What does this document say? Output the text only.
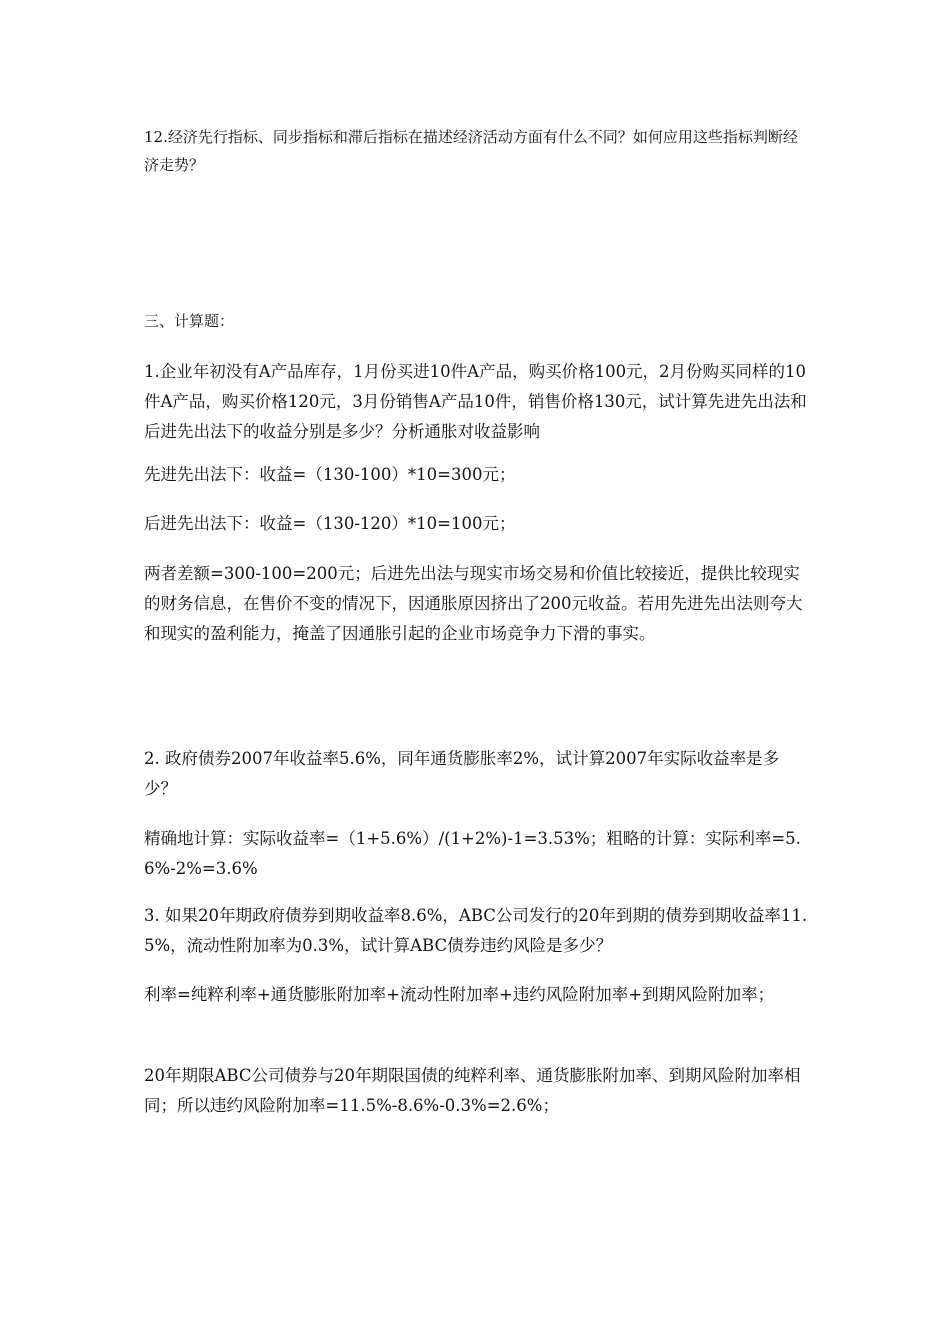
12.经济先行指标、同步指标和滞后指标在描述经济活动方面有什么不同？如何应用这些指标判断经济走势？

三、计算题：

1.企业年初没有A产品库存，1月份买进10件A产品，购买价格100元，2月份购买同样的10件A产品，购买价格120元，3月份销售A产品10件，销售价格130元，试计算先进先出法和后进先出法下的收益分别是多少？分析通胀对收益影响

先进先出法下：收益=（130-100）*10=300元；

后进先出法下：收益=（130-120）*10=100元；

两者差额=300-100=200元；后进先出法与现实市场交易和价值比较接近，提供比较现实的财务信息，在售价不变的情况下，因通胀原因挤出了200元收益。若用先进先出法则夸大和现实的盈利能力，掩盖了因通胀引起的企业市场竞争力下滑的事实。

2. 政府债券2007年收益率5.6%，同年通货膨胀率2%，试计算2007年实际收益率是多少？

精确地计算：实际收益率=（1+5.6%）/(1+2%)-1=3.53%；粗略的计算：实际利率=5.6%-2%=3.6%

3. 如果20年期政府债券到期收益率8.6%，ABC公司发行的20年到期的债券到期收益率11.5%，流动性附加率为0.3%，试计算ABC债券违约风险是多少？

利率=纯粹利率+通货膨胀附加率+流动性附加率+违约风险附加率+到期风险附加率；

20年期限ABC公司债券与20年期限国债的纯粹利率、通货膨胀附加率、到期风险附加率相同；所以违约风险附加率=11.5%-8.6%-0.3%=2.6%；
